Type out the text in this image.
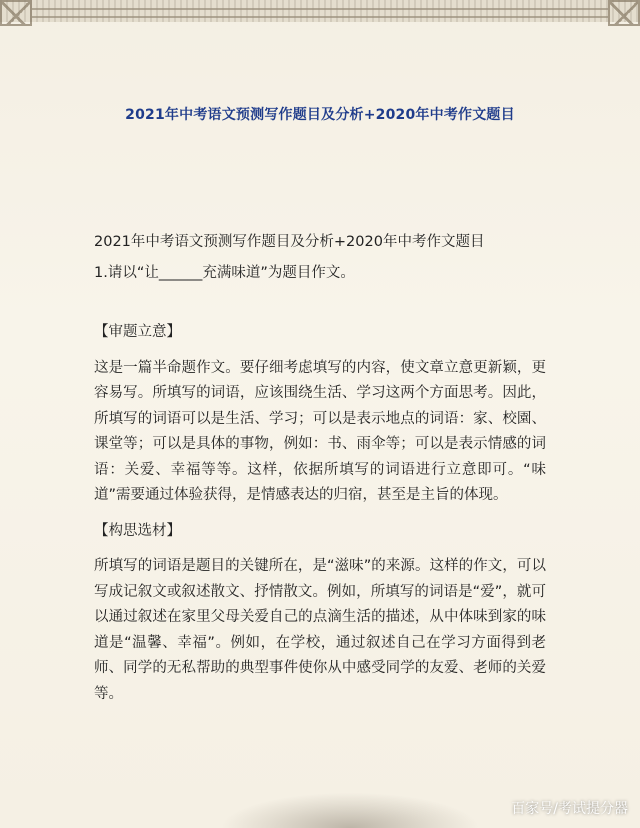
2021年中考语文预测写作题目及分析+2020年中考作文题目

2021年中考语文预测写作题目及分析+2020年中考作文题目

1.请以“让______充满味道”为题目作文。

【审题立意】

这是一篇半命题作文。要仔细考虑填写的内容，使文章立意更新颖，更容易写。所填写的词语，应该围绕生活、学习这两个方面思考。因此，所填写的词语可以是生活、学习；可以是表示地点的词语：家、校園、课堂等；可以是具体的事物，例如：书、雨伞等；可以是表示情感的词语：关爱、幸福等等。这样，依据所填写的词语进行立意即可。“味道”需要通过体验获得，是情感表达的归宿，甚至是主旨的体现。

【构思选材】

所填写的词语是题目的关键所在，是“滋味”的来源。这样的作文，可以写成记叙文或叙述散文、抒情散文。例如，所填写的词语是“爱”，就可以通过叙述在家里父母关爱自己的点滴生活的描述，从中体味到家的味道是“温馨、幸福”。例如，在学校，通过叙述自己在学习方面得到老师、同学的无私帮助的典型事件使你从中感受同学的友爱、老师的关爱等。

百家号/考试提分器
